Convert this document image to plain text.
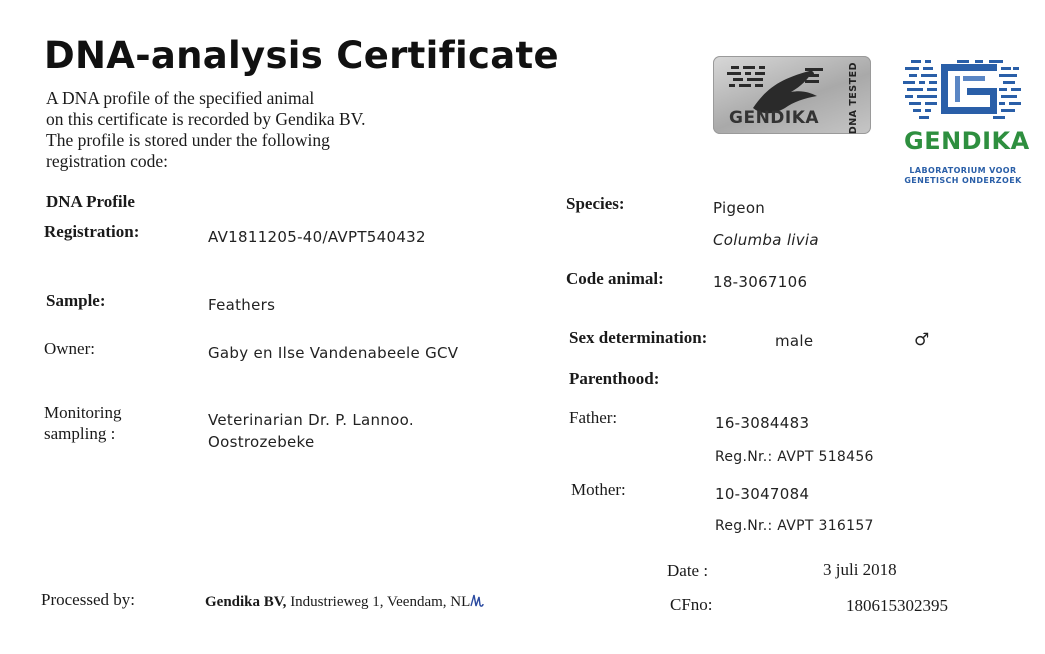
DNA-analysis Certificate
A DNA profile of the specified animal
on this certificate is recorded by Gendika BV.
The profile is stored under the following
registration code:
GENDIKA	DNA TESTED
GENDIKA
LABORATORIUM VOOR
GENETISCH ONDERZOEK
DNA Profile
Registration:	AV1811205-40/AVPT540432
Sample:	Feathers
Owner:	Gaby en Ilse Vandenabeele GCV
Monitoring
sampling :
Veterinarian Dr. P. Lannoo.
Oostrozebeke
Species:	Pigeon
Columba livia
Code animal:	18-3067106
Sex determination:	male	♂
Parenthood:
Father:	16-3084483
Reg.Nr.: AVPT 518456
Mother:	10-3047084
Reg.Nr.: AVPT 316157
Date :	3 juli 2018
CFno:	180615302395
Processed by:	Gendika BV, Industrieweg 1, Veendam, NL
